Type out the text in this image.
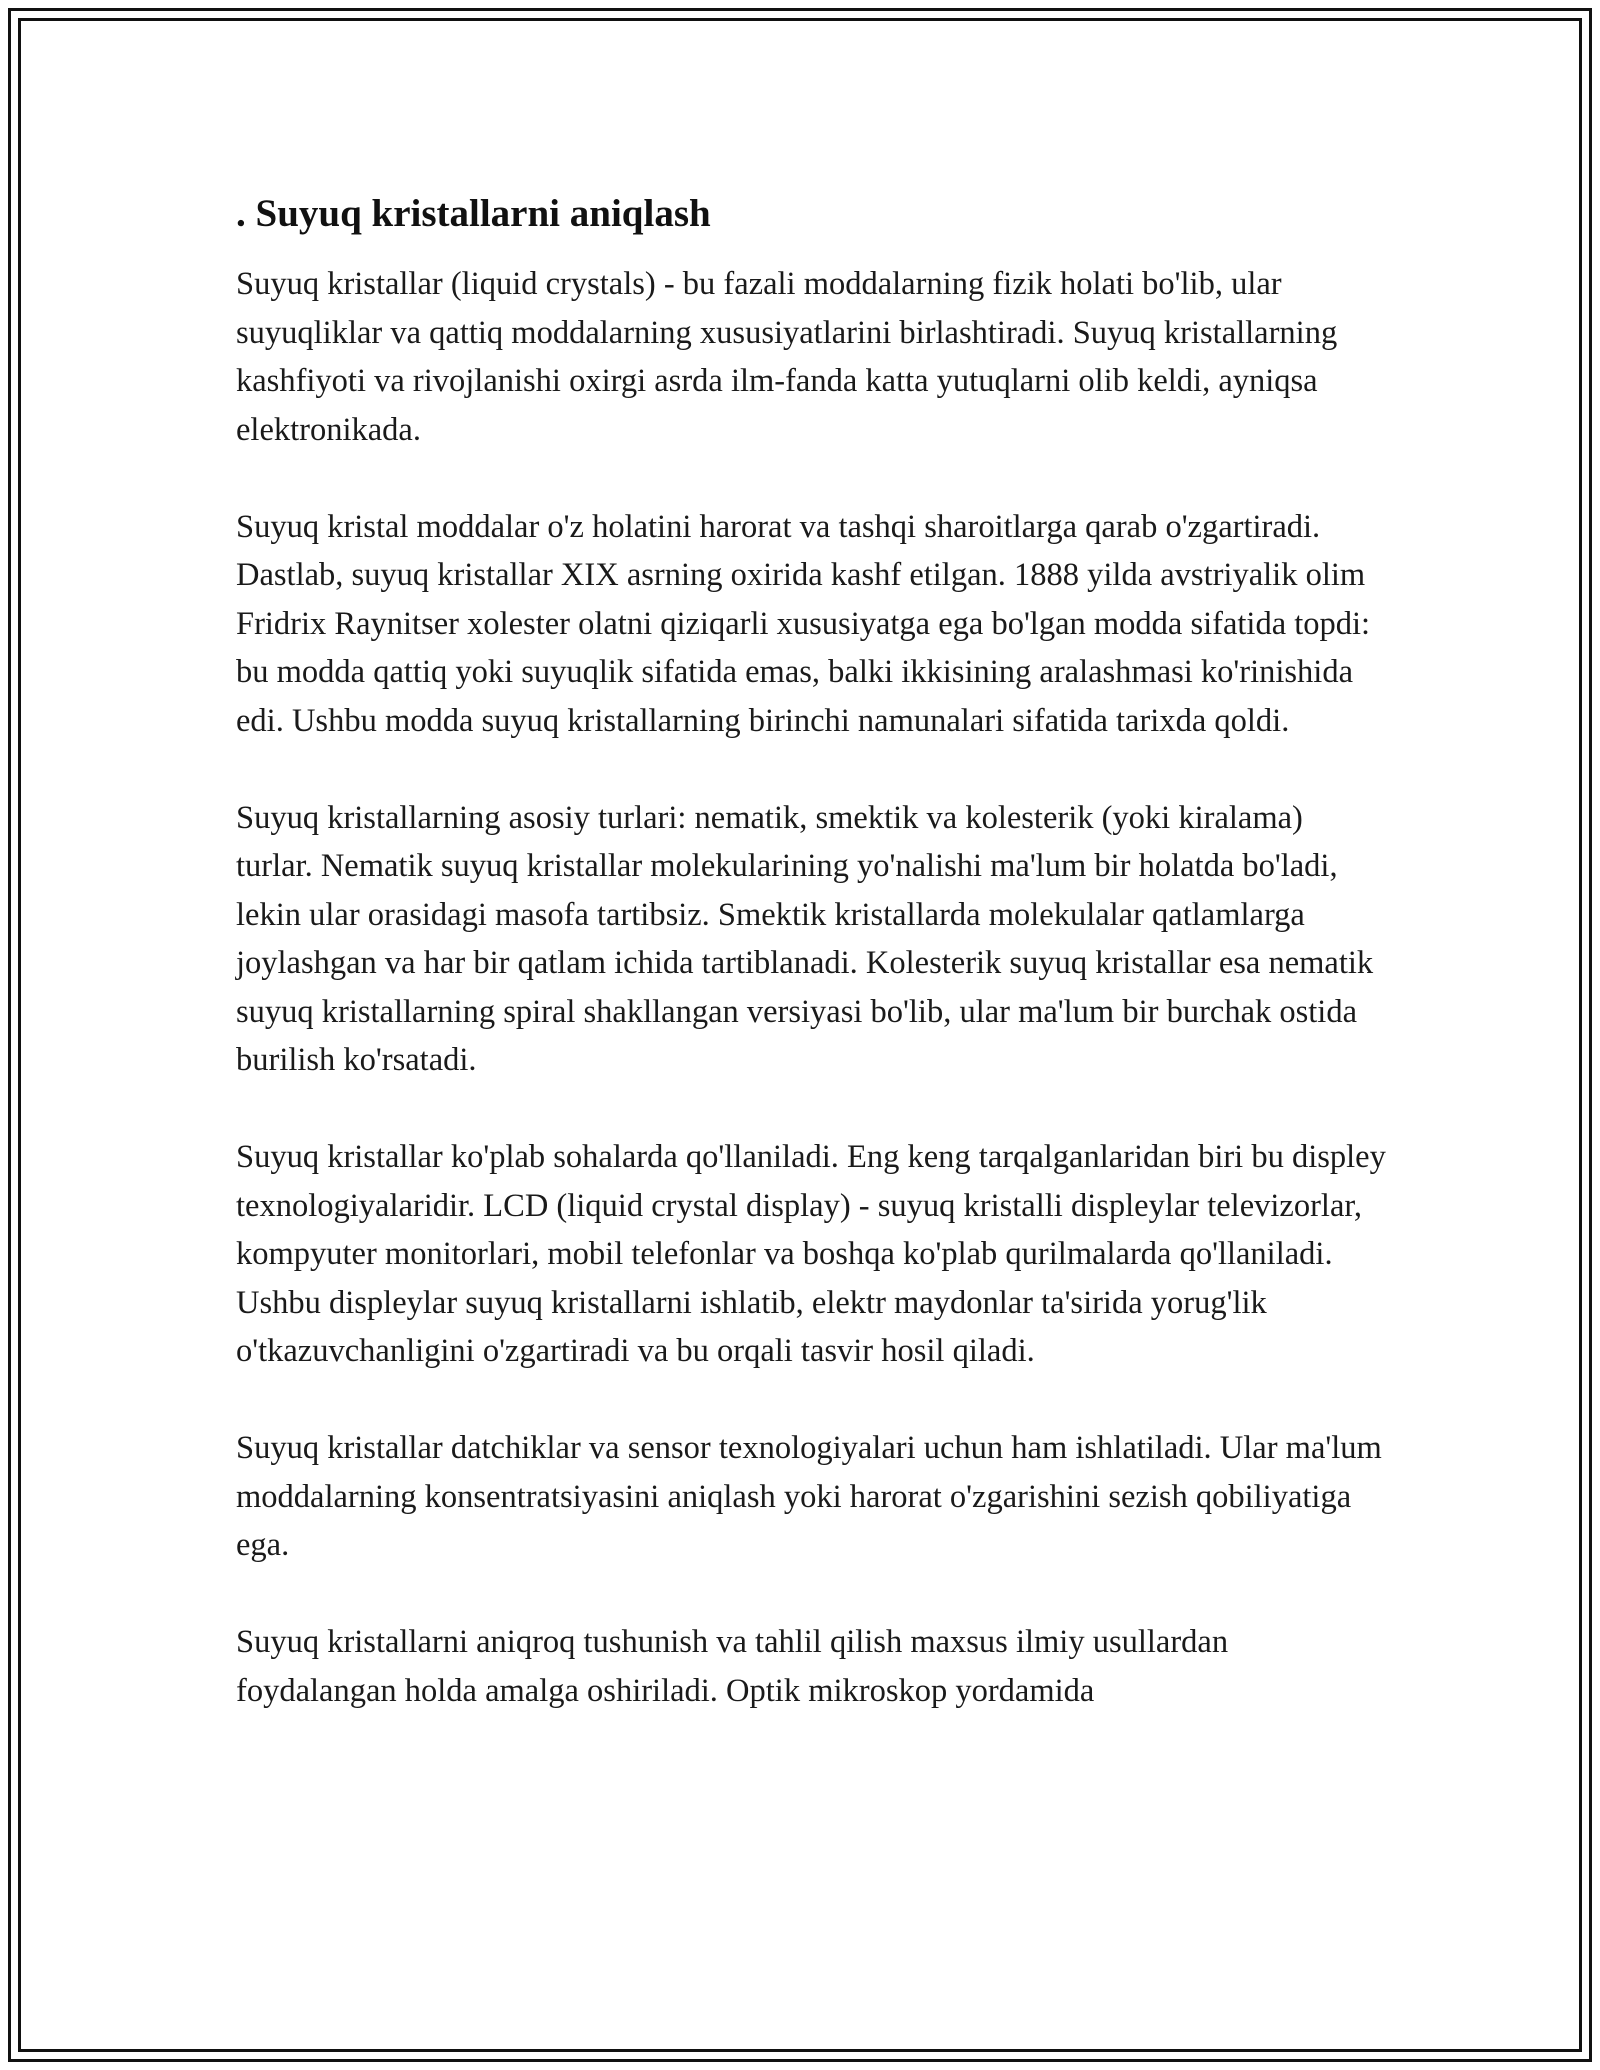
. Suyuq kristallarni aniqlash

Suyuq kristallar (liquid crystals) - bu fazali moddalarning fizik holati bo'lib, ular suyuqliklar va qattiq moddalarning xususiyatlarini birlashtiradi. Suyuq kristallarning kashfiyoti va rivojlanishi oxirgi asrda ilm-fanda katta yutuqlarni olib keldi, ayniqsa elektronikada.

Suyuq kristal moddalar o'z holatini harorat va tashqi sharoitlarga qarab o'zgartiradi. Dastlab, suyuq kristallar XIX asrning oxirida kashf etilgan. 1888 yilda avstriyalik olim Fridrix Raynitser xolester olatni qiziqarli xususiyatga ega bo'lgan modda sifatida topdi: bu modda qattiq yoki suyuqlik sifatida emas, balki ikkisining aralashmasi ko'rinishida edi. Ushbu modda suyuq kristallarning birinchi namunalari sifatida tarixda qoldi.

Suyuq kristallarning asosiy turlari: nematik, smektik va kolesterik (yoki kiralama) turlar. Nematik suyuq kristallar molekularining yo'nalishi ma'lum bir holatda bo'ladi, lekin ular orasidagi masofa tartibsiz. Smektik kristallarda molekulalar qatlamlarga joylashgan va har bir qatlam ichida tartiblanadi. Kolesterik suyuq kristallar esa nematik suyuq kristallarning spiral shakllangan versiyasi bo'lib, ular ma'lum bir burchak ostida burilish ko'rsatadi.

Suyuq kristallar ko'plab sohalarda qo'llaniladi. Eng keng tarqalganlaridan biri bu displey texnologiyalaridir. LCD (liquid crystal display) - suyuq kristalli displeylar televizorlar, kompyuter monitorlari, mobil telefonlar va boshqa ko'plab qurilmalarda qo'llaniladi. Ushbu displeylar suyuq kristallarni ishlatib, elektr maydonlar ta'sirida yorug'lik o'tkazuvchanligini o'zgartiradi va bu orqali tasvir hosil qiladi.

Suyuq kristallar datchiklar va sensor texnologiyalari uchun ham ishlatiladi. Ular ma'lum moddalarning konsentratsiyasini aniqlash yoki harorat o'zgarishini sezish qobiliyatiga ega.

Suyuq kristallarni aniqroq tushunish va tahlil qilish maxsus ilmiy usullardan foydalangan holda amalga oshiriladi. Optik mikroskop yordamida
